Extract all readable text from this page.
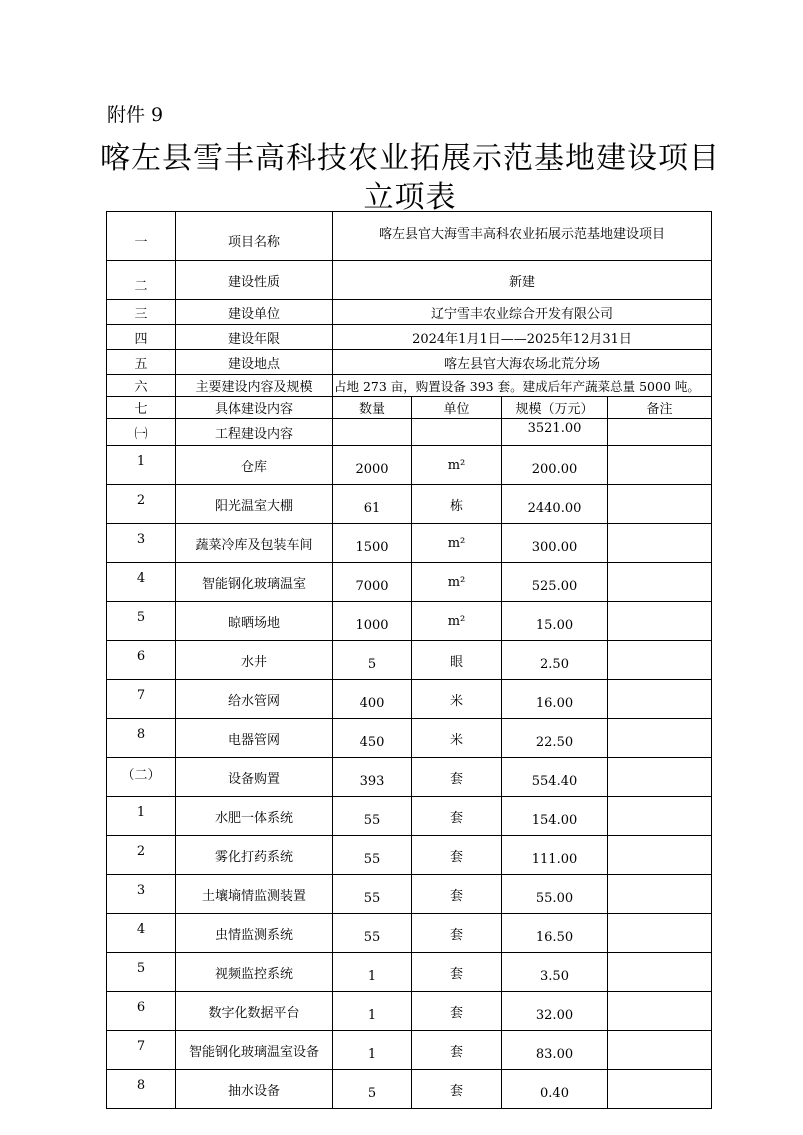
附件 9
喀左县雪丰高科技农业拓展示范基地建设项目
立项表
一	项目名称	喀左县官大海雪丰高科农业拓展示范基地建设项目			
二	建设性质	新建			
三	建设单位	辽宁雪丰农业综合开发有限公司			
四	建设年限	2024年1月1日——2025年12月31日			
五	建设地点	喀左县官大海农场北荒分场			
六	主要建设内容及规模	占地 273 亩，购置设备 393 套。建成后年产蔬菜总量 5000 吨。			
七	具体建设内容	数量	单位	规模（万元）	备注
㈠	工程建设内容			3521.00	
1	仓库	2000	m²	200.00	
2	阳光温室大棚	61	栋	2440.00	
3	蔬菜冷库及包装车间	1500	m²	300.00	
4	智能钢化玻璃温室	7000	m²	525.00	
5	晾晒场地	1000	m²	15.00	
6	水井	5	眼	2.50	
7	给水管网	400	米	16.00	
8	电器管网	450	米	22.50	
（二）	设备购置	393	套	554.40	
1	水肥一体系统	55	套	154.00	
2	雾化打药系统	55	套	111.00	
3	土壤墒情监测装置	55	套	55.00	
4	虫情监测系统	55	套	16.50	
5	视频监控系统	1	套	3.50	
6	数字化数据平台	1	套	32.00	
7	智能钢化玻璃温室设备	1	套	83.00	
8	抽水设备	5	套	0.40	
